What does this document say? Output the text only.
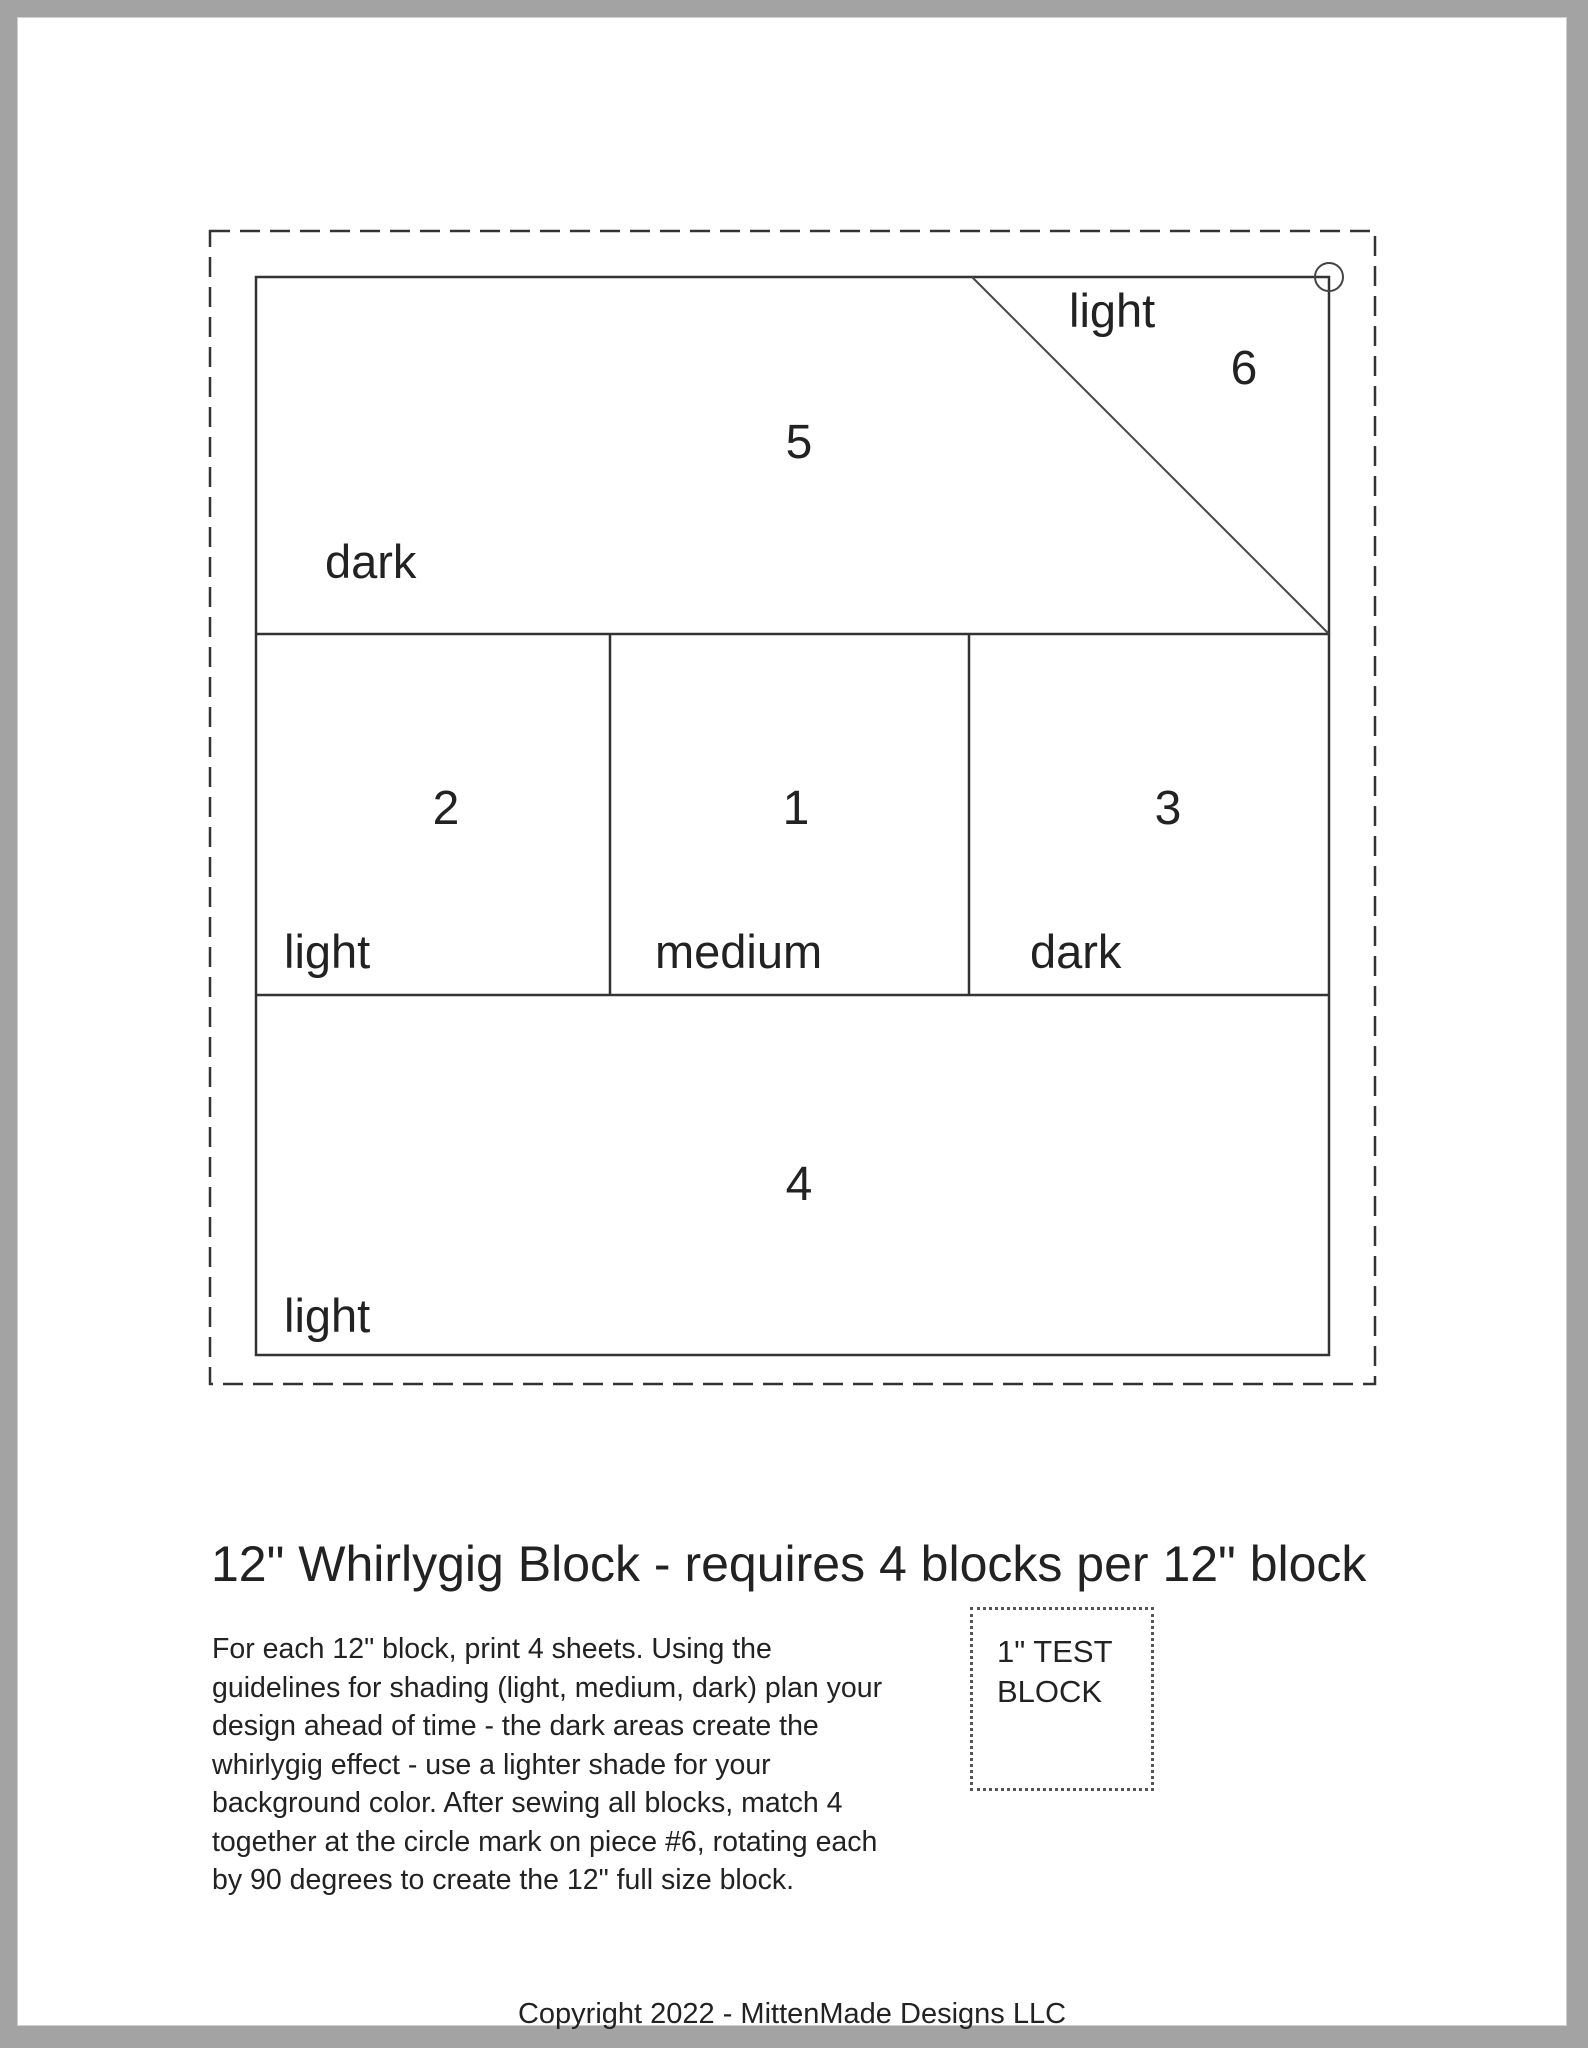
5
dark
light
6
2
light
1
medium
3
dark
4
light
12" Whirlygig Block - requires 4 blocks per 12" block
For each 12" block, print 4 sheets. Using the guidelines for shading (light, medium, dark) plan your design ahead of time - the dark areas create the whirlygig effect - use a lighter shade for your background color. After sewing all blocks, match 4 together at the circle mark on piece #6, rotating each by 90 degrees to create the 12" full size block.
1" TEST
BLOCK
Copyright 2022 - MittenMade Designs LLC
